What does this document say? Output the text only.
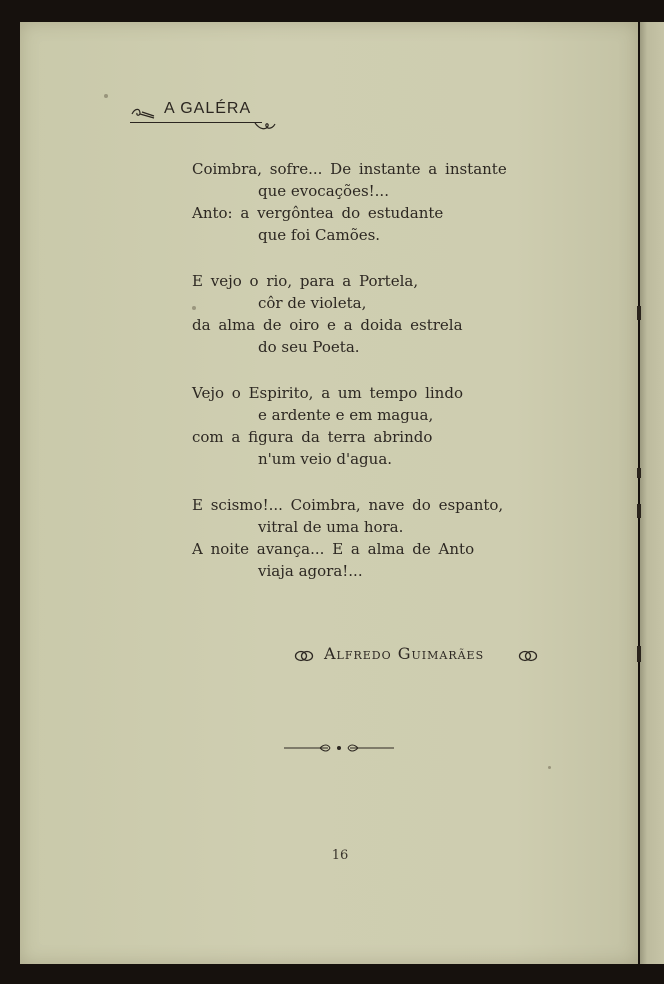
A GALÉRA
Coimbra, sofre... De instante a instante
que evocações!...
Anto: a vergôntea do estudante
que foi Camões.
E vejo o rio, para a Portela,
côr de violeta,
da alma de oiro e a doida estrela
do seu Poeta.
Vejo o Espirito, a um tempo lindo
e ardente e em magua,
com a figura da terra abrindo
n'um veio d'agua.
E scismo!... Coimbra, nave do espanto,
vitral de uma hora.
A noite avança... E a alma de Anto
viaja agora!...
Alfredo Guimarães
16
